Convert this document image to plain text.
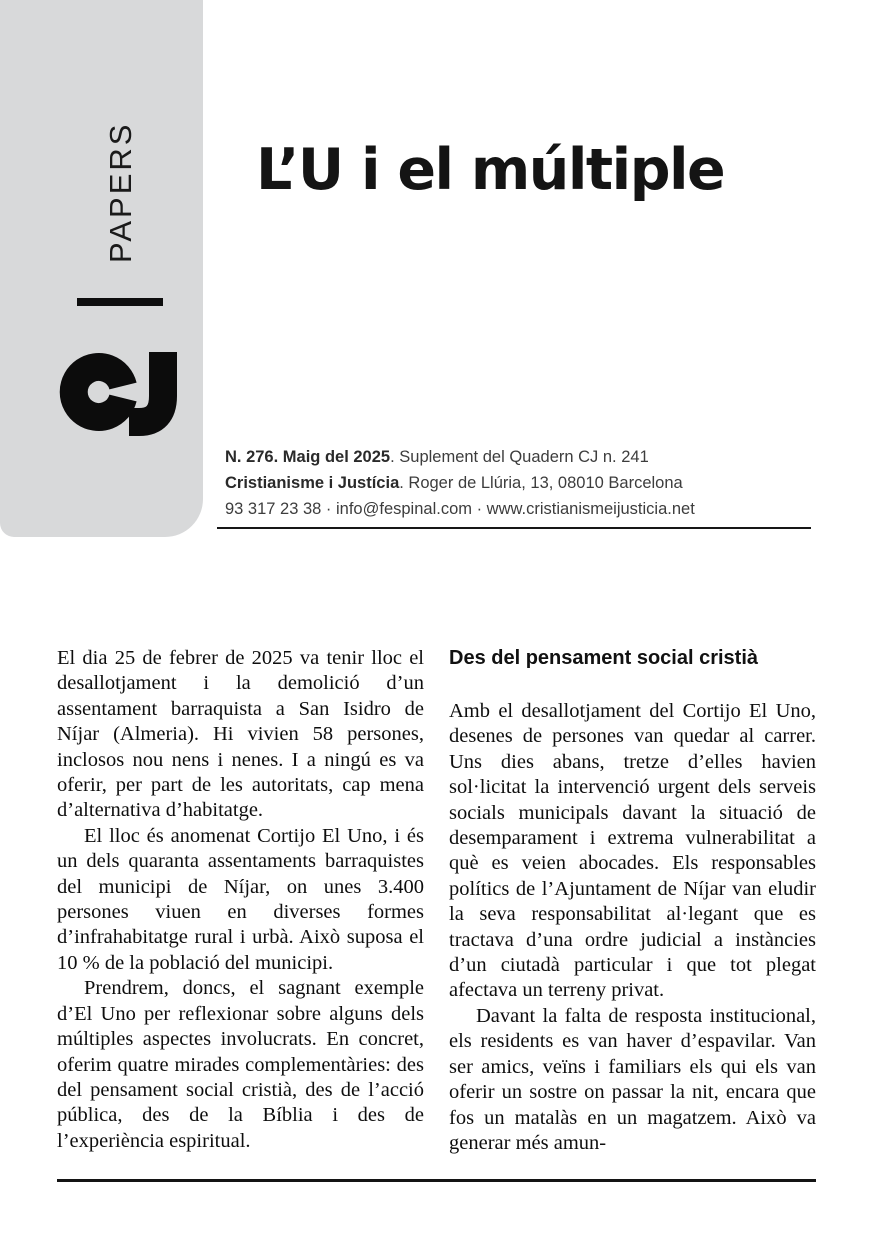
PAPERS L’U i el múltiple
N. 276. Maig del 2025. Suplement del Quadern CJ n. 241
Cristianisme i Justícia. Roger de Llúria, 13, 08010 Barcelona
93 317 23 38 · info@fespinal.com · www.cristianismeijusticia.net

El dia 25 de febrer de 2025 va tenir lloc el desallotjament i la demolició d’un assentament barraquista a San Isidro de Níjar (Almeria). Hi vivien 58 persones, inclosos nou nens i nenes. I a ningú es va oferir, per part de les autoritats, cap mena d’alternativa d’habitatge.

El lloc és anomenat Cortijo El Uno, i és un dels quaranta assentaments barraquistes del municipi de Níjar, on unes 3.400 persones viuen en diverses formes d’infrahabitatge rural i urbà. Això suposa el 10 % de la població del municipi.

Prendrem, doncs, el sagnant exemple d’El Uno per reflexionar sobre alguns dels múltiples aspectes involucrats. En concret, oferim quatre mirades complementàries: des del pensament social cristià, des de l’acció pública, des de la Bíblia i des de l’experiència espiritual.

Des del pensament social cristià

Amb el desallotjament del Cortijo El Uno, desenes de persones van quedar al carrer. Uns dies abans, tretze d’elles havien sol·licitat la intervenció urgent dels serveis socials municipals davant la situació de desemparament i extrema vulnerabilitat a què es veien abocades. Els responsables polítics de l’Ajuntament de Níjar van eludir la seva responsabilitat al·legant que es tractava d’una ordre judicial a instàncies d’un ciutadà particular i que tot plegat afectava un terreny privat.

Davant la falta de resposta institucional, els residents es van haver d’espavilar. Van ser amics, veïns i familiars els qui els van oferir un sostre on passar la nit, encara que fos un matalàs en un magatzem. Això va generar més amun-
